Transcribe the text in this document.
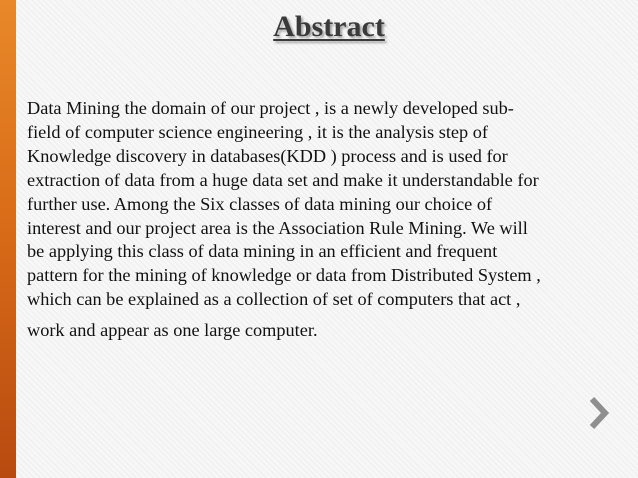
Abstract

Data Mining the domain of our project , is a newly developed sub-
field of computer science engineering , it is the analysis step of
Knowledge discovery in databases(KDD ) process and is used for
extraction of data from a huge data set and make it understandable for
further use. Among the Six classes of data mining our choice of
interest and our project area is the Association Rule Mining. We will
be applying this class of data mining in an efficient and frequent
pattern for the mining of knowledge or data from Distributed System ,
which can be explained as a collection of set of computers that act ,

work and appear as one large computer.
